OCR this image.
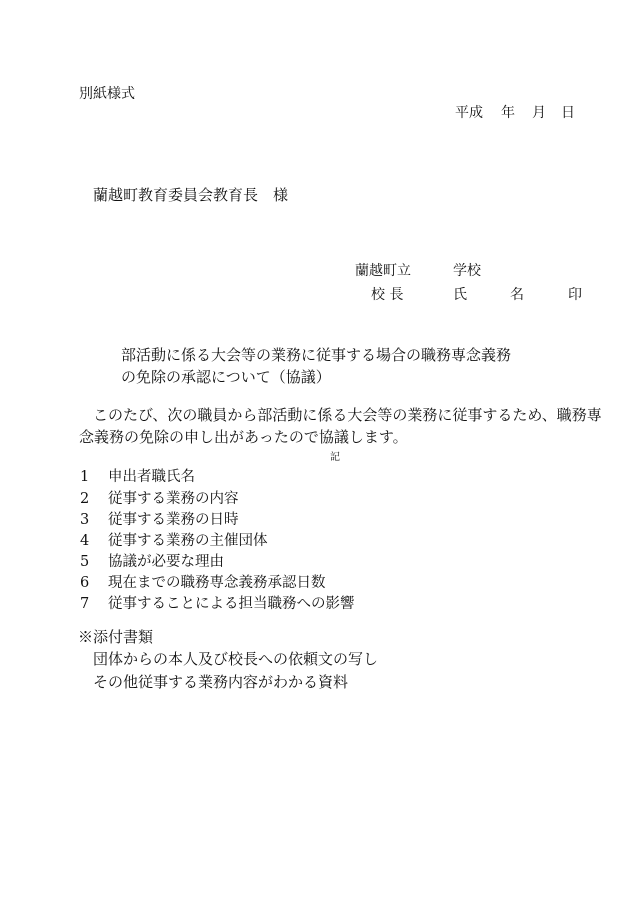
別紙様式
平成 年 月 日
蘭越町教育委員会教育長　様
蘭越町立　　　学校
校 長	氏	名	印
部活動に係る大会等の業務に従事する場合の職務専念義務
の免除の承認について（協議）
このたび、次の職員から部活動に係る大会等の業務に従事するため、職務専
念義務の免除の申し出があったので協議します。
記
1 申出者職氏名
2 従事する業務の内容
3 従事する業務の日時
4 従事する業務の主催団体
5 協議が必要な理由
6 現在までの職務専念義務承認日数
7 従事することによる担当職務への影響
※添付書類
団体からの本人及び校長への依頼文の写し
その他従事する業務内容がわかる資料
